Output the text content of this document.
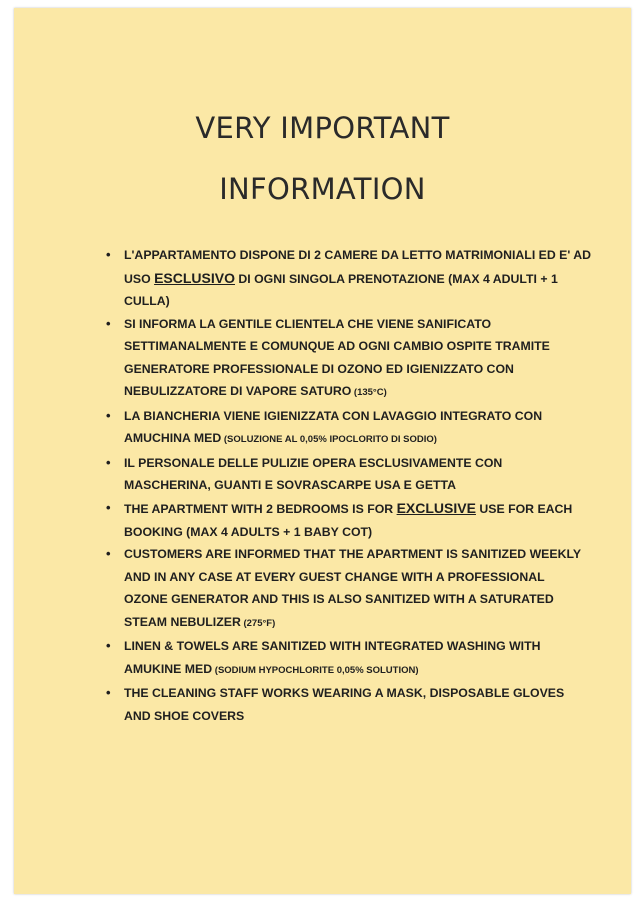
VERY IMPORTANT
INFORMATION
• L'APPARTAMENTO DISPONE DI 2 CAMERE DA LETTO MATRIMONIALI ED E' AD USO ESCLUSIVO DI OGNI SINGOLA PRENOTAZIONE (MAX 4 ADULTI + 1 CULLA)
• SI INFORMA LA GENTILE CLIENTELA CHE VIENE SANIFICATO SETTIMANALMENTE E COMUNQUE AD OGNI CAMBIO OSPITE TRAMITE GENERATORE PROFESSIONALE DI OZONO ED IGIENIZZATO CON NEBULIZZATORE DI VAPORE SATURO (135°C)
• LA BIANCHERIA VIENE IGIENIZZATA CON LAVAGGIO INTEGRATO CON AMUCHINA MED (SOLUZIONE AL 0,05% IPOCLORITO DI SODIO)
• IL PERSONALE DELLE PULIZIE OPERA ESCLUSIVAMENTE CON MASCHERINA, GUANTI E SOVRASCARPE USA E GETTA
• THE APARTMENT WITH 2 BEDROOMS IS FOR EXCLUSIVE USE FOR EACH BOOKING (MAX 4 ADULTS + 1 BABY COT)
• CUSTOMERS ARE INFORMED THAT THE APARTMENT IS SANITIZED WEEKLY AND IN ANY CASE AT EVERY GUEST CHANGE WITH A PROFESSIONAL OZONE GENERATOR AND THIS IS ALSO SANITIZED WITH A SATURATED STEAM NEBULIZER (275°F)
• LINEN & TOWELS ARE SANITIZED WITH INTEGRATED WASHING WITH AMUKINE MED (SODIUM HYPOCHLORITE 0,05% SOLUTION)
• THE CLEANING STAFF WORKS WEARING A MASK, DISPOSABLE GLOVES AND SHOE COVERS
